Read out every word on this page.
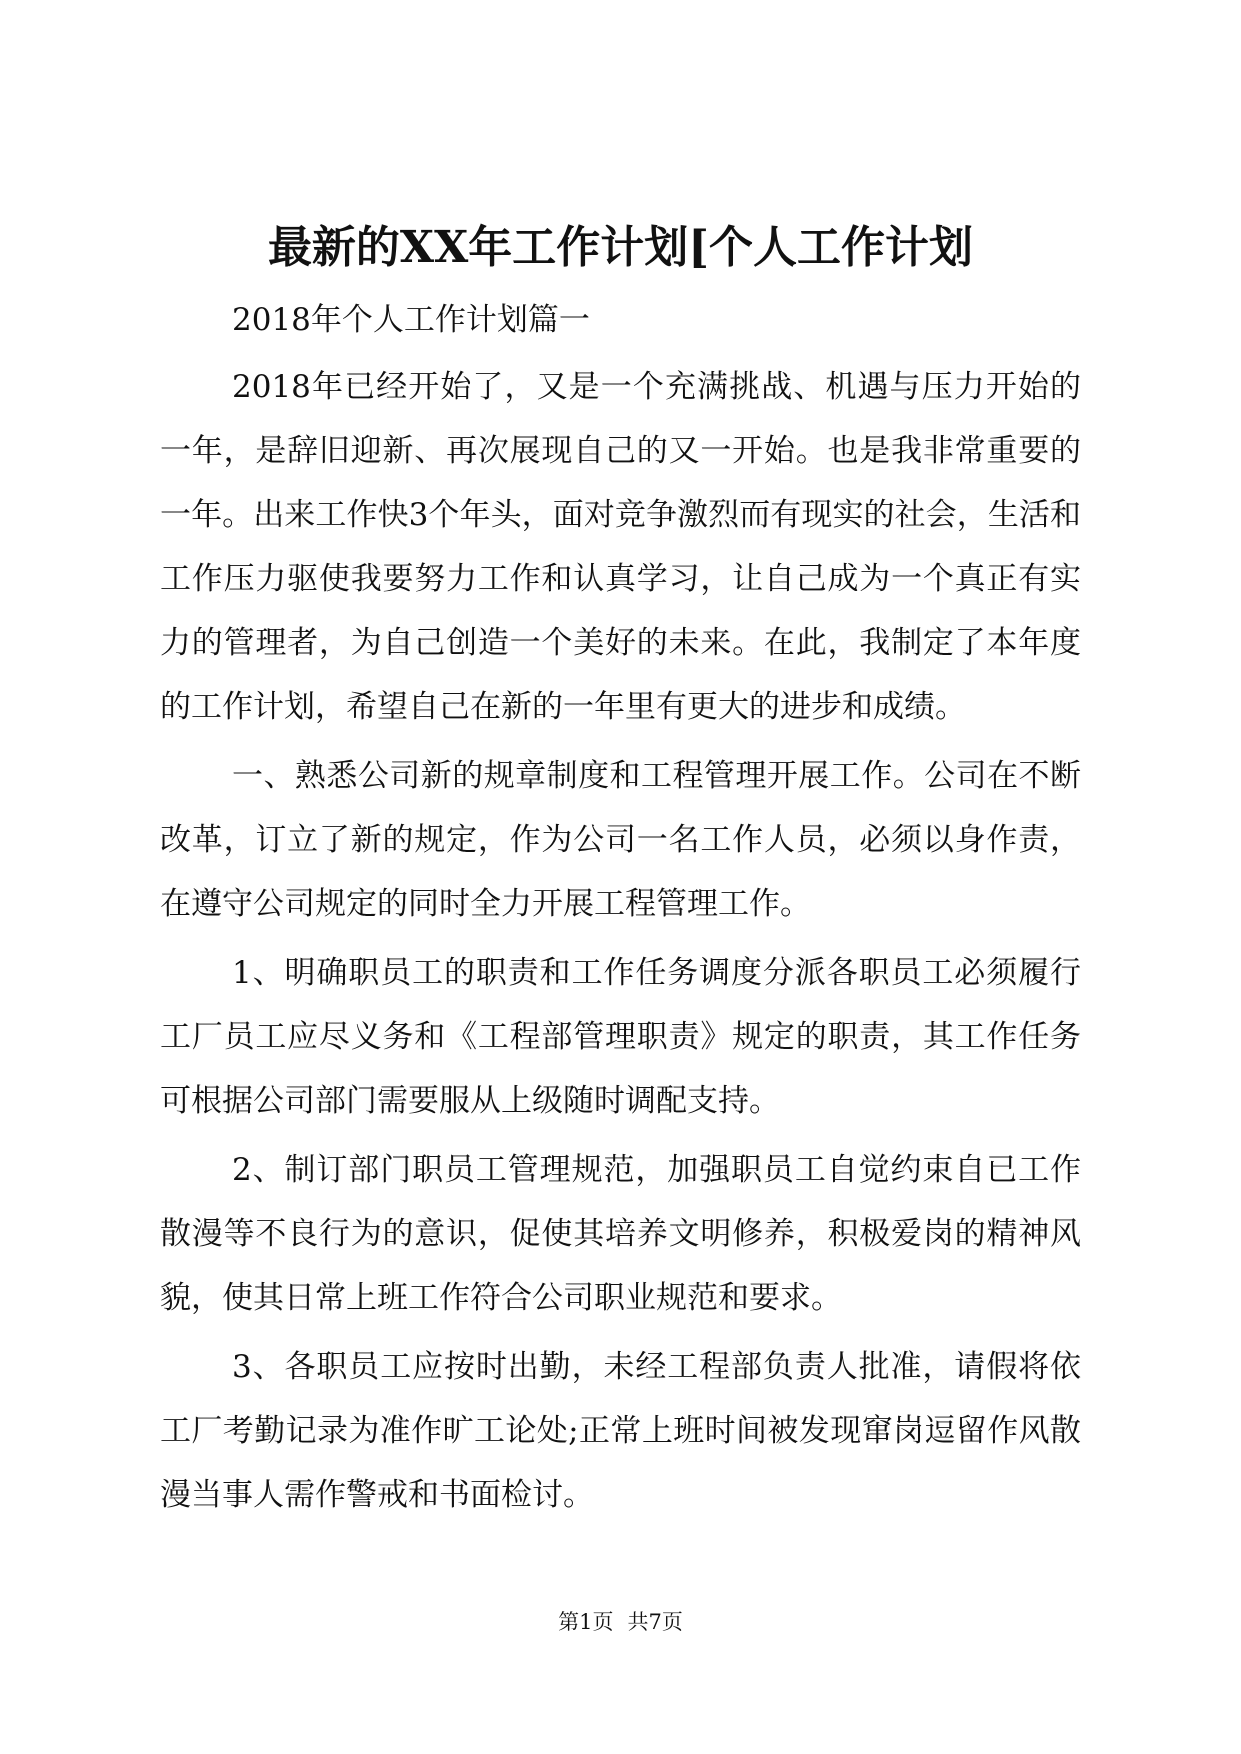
最新的XX年工作计划[个人工作计划

2018年个人工作计划篇一

2018年已经开始了，又是一个充满挑战、机遇与压力开始的一年，是辞旧迎新、再次展现自己的又一开始。也是我非常重要的一年。出来工作快3个年头，面对竞争激烈而有现实的社会，生活和工作压力驱使我要努力工作和认真学习，让自己成为一个真正有实力的管理者，为自己创造一个美好的未来。在此，我制定了本年度的工作计划，希望自己在新的一年里有更大的进步和成绩。

一、熟悉公司新的规章制度和工程管理开展工作。公司在不断改革，订立了新的规定，作为公司一名工作人员，必须以身作责，在遵守公司规定的同时全力开展工程管理工作。

1、明确职员工的职责和工作任务调度分派各职员工必须履行工厂员工应尽义务和《工程部管理职责》规定的职责，其工作任务可根据公司部门需要服从上级随时调配支持。

2、制订部门职员工管理规范，加强职员工自觉约束自已工作散漫等不良行为的意识，促使其培养文明修养，积极爱岗的精神风貌，使其日常上班工作符合公司职业规范和要求。

3、各职员工应按时出勤，未经工程部负责人批准，请假将依工厂考勤记录为准作旷工论处;正常上班时间被发现窜岗逗留作风散漫当事人需作警戒和书面检讨。

第1页 共7页
